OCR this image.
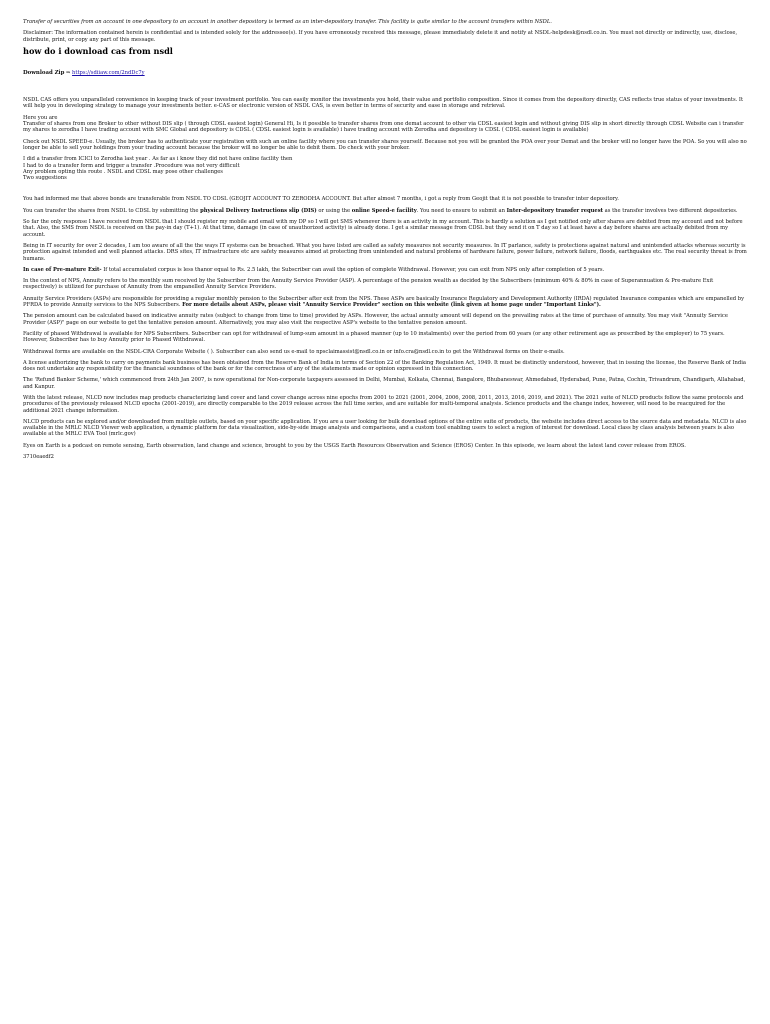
Transfer of securities from an account in one depository to an account in another depository is termed as an inter-depository transfer. This facility is quite similar to the account transfers within NSDL.

Disclaimer: The information contained herein is confidential and is intended solely for the addressee(s). If you have erroneously received this message, please immediately delete it and notify at NSDL-helpdesk@nsdl.co.in. You must not directly or indirectly, use, disclose, distribute, print, or copy any part of this message.

how do i download cas from nsdl

Download Zip ⇒ https://sdiiaw.com/2ndDc7y

NSDL CAS offers you unparalleled convenience in keeping track of your investment portfolio. You can easily monitor the investments you hold, their value and portfolio composition. Since it comes from the depository directly, CAS reflects true status of your investments. It will help you in developing strategy to manage your investments better. e-CAS or electronic version of NSDL CAS, is even better in terms of security and ease in storage and retrieval.

Here you are

Transfer of shares from one Broker to other without DIS slip ( through CDSL easiest login) General Hi, Is it possible to transfer shares from one demat account to other via CDSL easiest login and without giving DIS slip in short directly through CDSL Website can i transfer my shares to zerodha I have trading account with SMC Global and depository is CDSL ( CDSL easiest login is available) i have trading account with Zerodha and depository is CDSL ( CDSL easiest login is available)

Check out NSDL SPEED-e. Usually, the broker has to authenticate your registration with such an online facility where you can transfer shares yourself. Because not you will be granted the POA over your Demat and the broker will no longer have the POA. So you will also no longer be able to sell your holdings from your trading account because the broker will no longer be able to debit them. Do check with your broker.

I did a transfer from ICICI to Zerodha last year . As far as i know they did not have online facility then

I had to do a transfer form and trigger a transfer .Procedure was not very difficult

Any problem opting this route . NSDL and CDSL may pose other challenges

Two suggestions

You had informed me that above bonds are transferable from NSDL TO CDSL (GEOJIT ACCOUNT TO ZERODHA ACCOUNT. But after almost 7 months, i got a reply from Geojit that it is not possible to transfer inter depository.

You can transfer the shares from NSDL to CDSL by submitting the physical Delivery Instructions slip (DIS) or using the online Speed-e facility. You need to ensure to submit an Inter-depository transfer request as the transfer involves two different depositories.

So far the only response I have received from NSDL that I should register my mobile and email with my DP so I will get SMS whenever there is an activity in my account. This is hardly a solution as I get notified only after shares are debited from my account and not before that. Also, the SMS from NSDL is received on the pay-in day (T+1). At that time, damage (in case of unauthorized activity) is already done. I get a similar message from CDSL but they send it on T day so I at least have a day before shares are actually debited from my account.

Being in IT security for over 2 decades, I am too aware of all the the ways IT systems can be breached. What you have listed are called as safety measures not security measures. In IT parlance, safety is protections against natural and unintended attacks whereas security is protection against intended and well planned attacks. DRS sites, IT infrastructure etc are safety measures aimed at protecting from unintended and natural problems of hardware failure, power failure, network failure, floods, earthquakes etc. The real security threat is from humans.

In case of Pre-mature Exit- If total accumulated corpus is less thanor equal to Rs. 2.5 lakh, the Subscriber can avail the option of complete Withdrawal. However, you can exit from NPS only after completion of 5 years.

In the context of NPS, Annuity refers to the monthly sum received by the Subscriber from the Annuity Service Provider (ASP). A percentage of the pension wealth as decided by the Subscribers (minimum 40% & 80% in case of Superannuation & Pre-mature Exit respectively) is utilized for purchase of Annuity from the empanelled Annuity Service Providers.

Annuity Service Providers (ASPs) are responsible for providing a regular monthly pension to the Subscriber after exit from the NPS. These ASPs are basically Insurance Regulatory and Development Authority (IRDA) regulated Insurance companies which are empanelled by PFRDA to provide Annuity services to the NPS Subscribers. For more details about ASPs, please visit "Annuity Service Provider" section on this website (link given at home page under "Important Links").

The pension amount can be calculated based on indicative annuity rates (subject to change from time to time) provided by ASPs. However, the actual annuity amount will depend on the prevailing rates at the time of purchase of annuity. You may visit "Annuity Service Provider (ASP)" page on our website to get the tentative pension amount. Alternatively, you may also visit the respective ASP's website to the tentative pension amount.

Facility of phased Withdrawal is available for NPS Subscribers. Subscriber can opt for withdrawal of lump-sum amount in a phased manner (up to 10 instalments) over the period from 60 years (or any other retirement age as prescribed by the employer) to 75 years. However, Subscriber has to buy Annuity prior to Phased Withdrawal.

Withdrawal forms are available on the NSDL-CRA Corporate Website ( ). Subscriber can also send us e-mail to npsclaimassist@nsdl.co.in or info.cra@nsdl.co.in to get the Withdrawal forms on their e-mails.

A license authorizing the bank to carry on payments bank business has been obtained from the Reserve Bank of India in terms of Section 22 of the Banking Regulation Act, 1949. It must be distinctly understood, however, that in issuing the license, the Reserve Bank of India does not undertake any responsibility for the financial soundness of the bank or for the correctness of any of the statements made or opinion expressed in this connection.

The 'Refund Banker Scheme,' which commenced from 24th Jan 2007, is now operational for Non-corporate taxpayers assessed in Delhi, Mumbai, Kolkata, Chennai, Bangalore, Bhubaneswar, Ahmedabad, Hyderabad, Pune, Patna, Cochin, Trivandrum, Chandigarh, Allahabad, and Kanpur.

With the latest release, NLCD now includes map products characterizing land cover and land cover change across nine epochs from 2001 to 2021 (2001, 2004, 2006, 2008, 2011, 2013, 2016, 2019, and 2021). The 2021 suite of NLCD products follow the same protocols and procedures of the previously released NLCD epochs (2001-2019), are directly comparable to the 2019 release across the full time series, and are suitable for multi-temporal analysis. Science products and the change index, however, will need to be reacquired for the additional 2021 change information.

NLCD products can be explored and/or downloaded from multiple outlets, based on your specific application. If you are a user looking for bulk download options of the entire suite of products, the website includes direct access to the source data and metadata. NLCD is also available in the MRLC NLCD Viewer web application, a dynamic platform for data visualization, side-by-side image analysis and comparisons, and a custom tool enabling users to select a region of interest for download. Local class by class analysis between years is also available at the MRLC EVA Tool (mrlc.gov)

Eyes on Earth is a podcast on remote sensing, Earth observation, land change and science, brought to you by the USGS Earth Resources Observation and Science (EROS) Center. In this episode, we learn about the latest land cover release from EROS.

3710eaedf2
